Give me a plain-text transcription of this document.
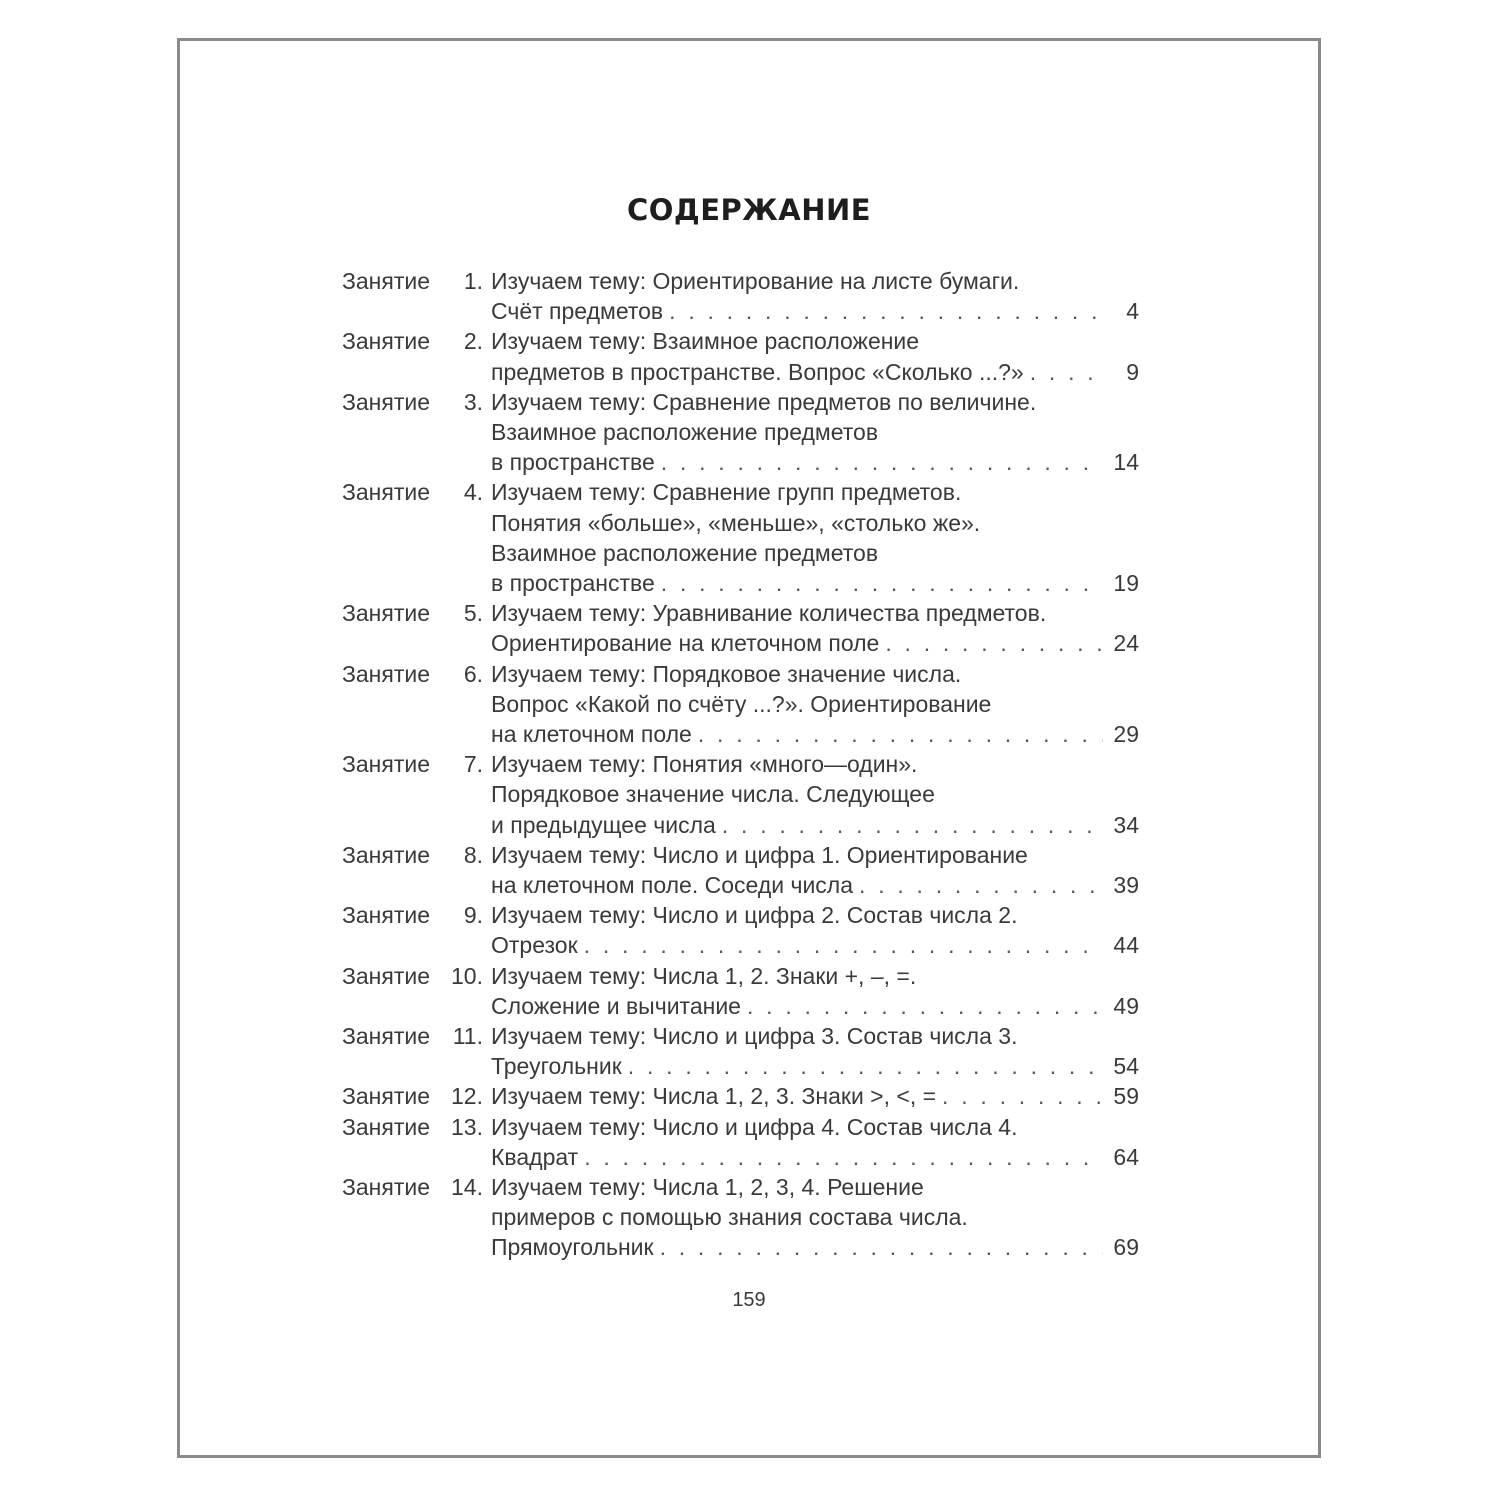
СОДЕРЖАНИЕ
Занятие	1. Изучаем тему: Ориентирование на листе бумаги.
Счёт предметов . . .	4
Занятие	2. Изучаем тему: Взаимное расположение
предметов в пространстве. Вопрос «Сколько ...?» . . .	9
Занятие	3. Изучаем тему: Сравнение предметов по величине.
Взаимное расположение предметов
в пространстве . . .	14
Занятие	4. Изучаем тему: Сравнение групп предметов.
Понятия «больше», «меньше», «столько же».
Взаимное расположение предметов
в пространстве . . .	19
Занятие	5. Изучаем тему: Уравнивание количества предметов.
Ориентирование на клеточном поле . . .	24
Занятие	6. Изучаем тему: Порядковое значение числа.
Вопрос «Какой по счёту ...?». Ориентирование
на клеточном поле . . .	29
Занятие	7. Изучаем тему: Понятия «много—один».
Порядковое значение числа. Следующее
и предыдущее числа . . .	34
Занятие	8. Изучаем тему: Число и цифра 1. Ориентирование
на клеточном поле. Соседи числа . . .	39
Занятие	9. Изучаем тему: Число и цифра 2. Состав числа 2.
Отрезок . . .	44
Занятие 10. Изучаем тему: Числа 1, 2. Знаки +, –, =.
Сложение и вычитание . . .	49
Занятие 11. Изучаем тему: Число и цифра 3. Состав числа 3.
Треугольник . . .	54
Занятие 12. Изучаем тему: Числа 1, 2, 3. Знаки >, <, = . . .	59
Занятие 13. Изучаем тему: Число и цифра 4. Состав числа 4.
Квадрат . . .	64
Занятие 14. Изучаем тему: Числа 1, 2, 3, 4. Решение
примеров с помощью знания состава числа.
Прямоугольник . . .	69
159
